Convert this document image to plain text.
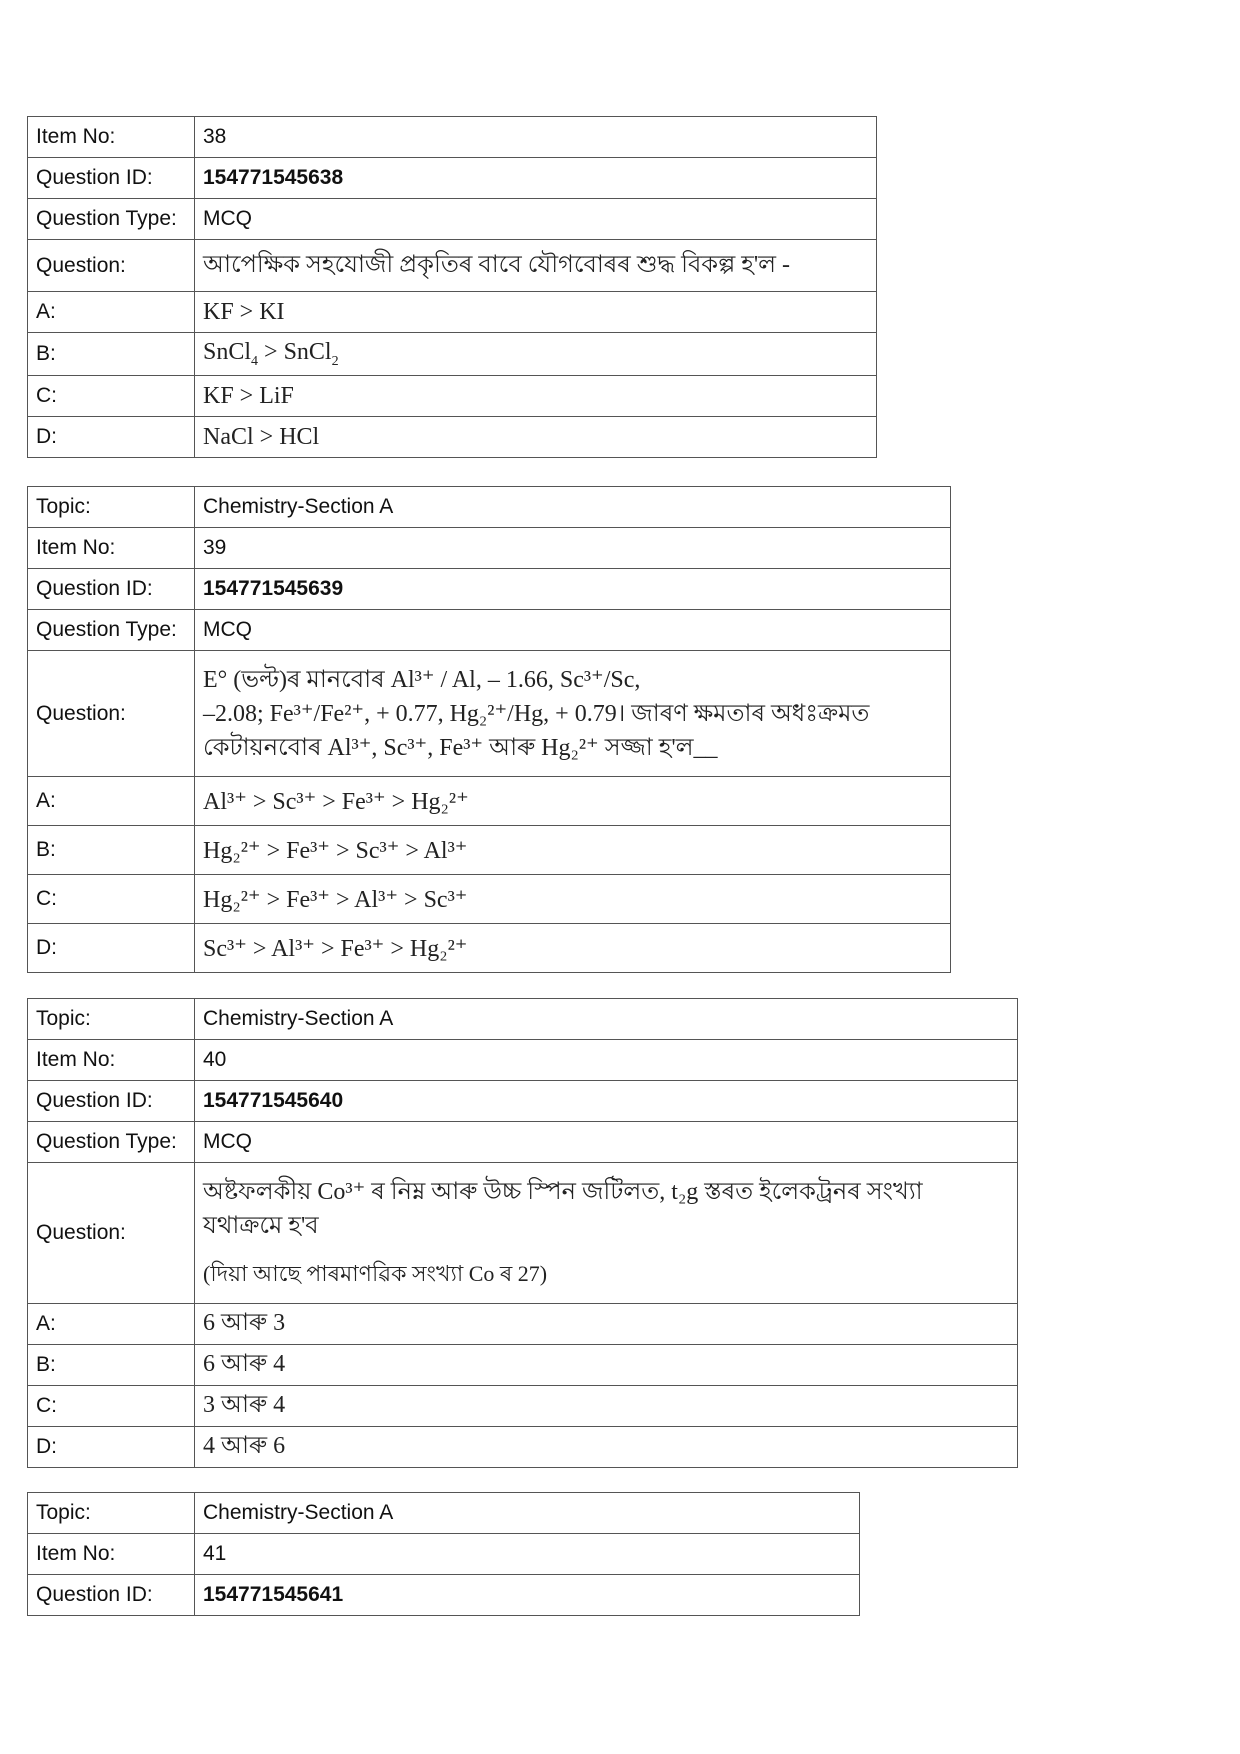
Item No:	38
Question ID:	154771545638
Question Type:	MCQ
Question:	আপেক্ষিক সহযোজী প্ৰকৃতিৰ বাবে যৌগবোৰৰ শুদ্ধ বিকল্প হ'ল -
A:	KF > KI
B:	SnCl$_4$ > SnCl$_2$
C:	KF > LiF
D:	NaCl > HCl
Topic:	Chemistry-Section A
Item No:	39
Question ID:	154771545639
Question Type:	MCQ
Question:	E° (ভল্ট)ৰ মানবোৰ Al³⁺ / Al, – 1.66, Sc³⁺/Sc,

–2.08; Fe³⁺/Fe²⁺, + 0.77, Hg₂²⁺/Hg, + 0.79। জাৰণ ক্ষমতাৰ অধঃক্ৰমত

কেটায়নবোৰ Al³⁺, Sc³⁺, Fe³⁺ আৰু Hg₂²⁺ সজ্জা হ'ল__

A:	Al³⁺ > Sc³⁺ > Fe³⁺ > Hg₂²⁺
B:	Hg₂²⁺ > Fe³⁺ > Sc³⁺ > Al³⁺
C:	Hg₂²⁺ > Fe³⁺ > Al³⁺ > Sc³⁺
D:	Sc³⁺ > Al³⁺ > Fe³⁺ > Hg₂²⁺
Topic:	Chemistry-Section A
Item No:	40
Question ID:	154771545640
Question Type:	MCQ
Question:	অষ্টফলকীয় Co³⁺ ৰ নিম্ন আৰু উচ্চ স্পিন জটিলত, t₂g স্তৰত ইলেকট্ৰনৰ সংখ্যা

যথাক্ৰমে হ'ব

(দিয়া আছে পাৰমাণৱিক সংখ্যা Co ৰ 27)

A:	6 আৰু 3
B:	6 আৰু 4
C:	3 আৰু 4
D:	4 আৰু 6
Topic:	Chemistry-Section A
Item No:	41
Question ID:	154771545641
